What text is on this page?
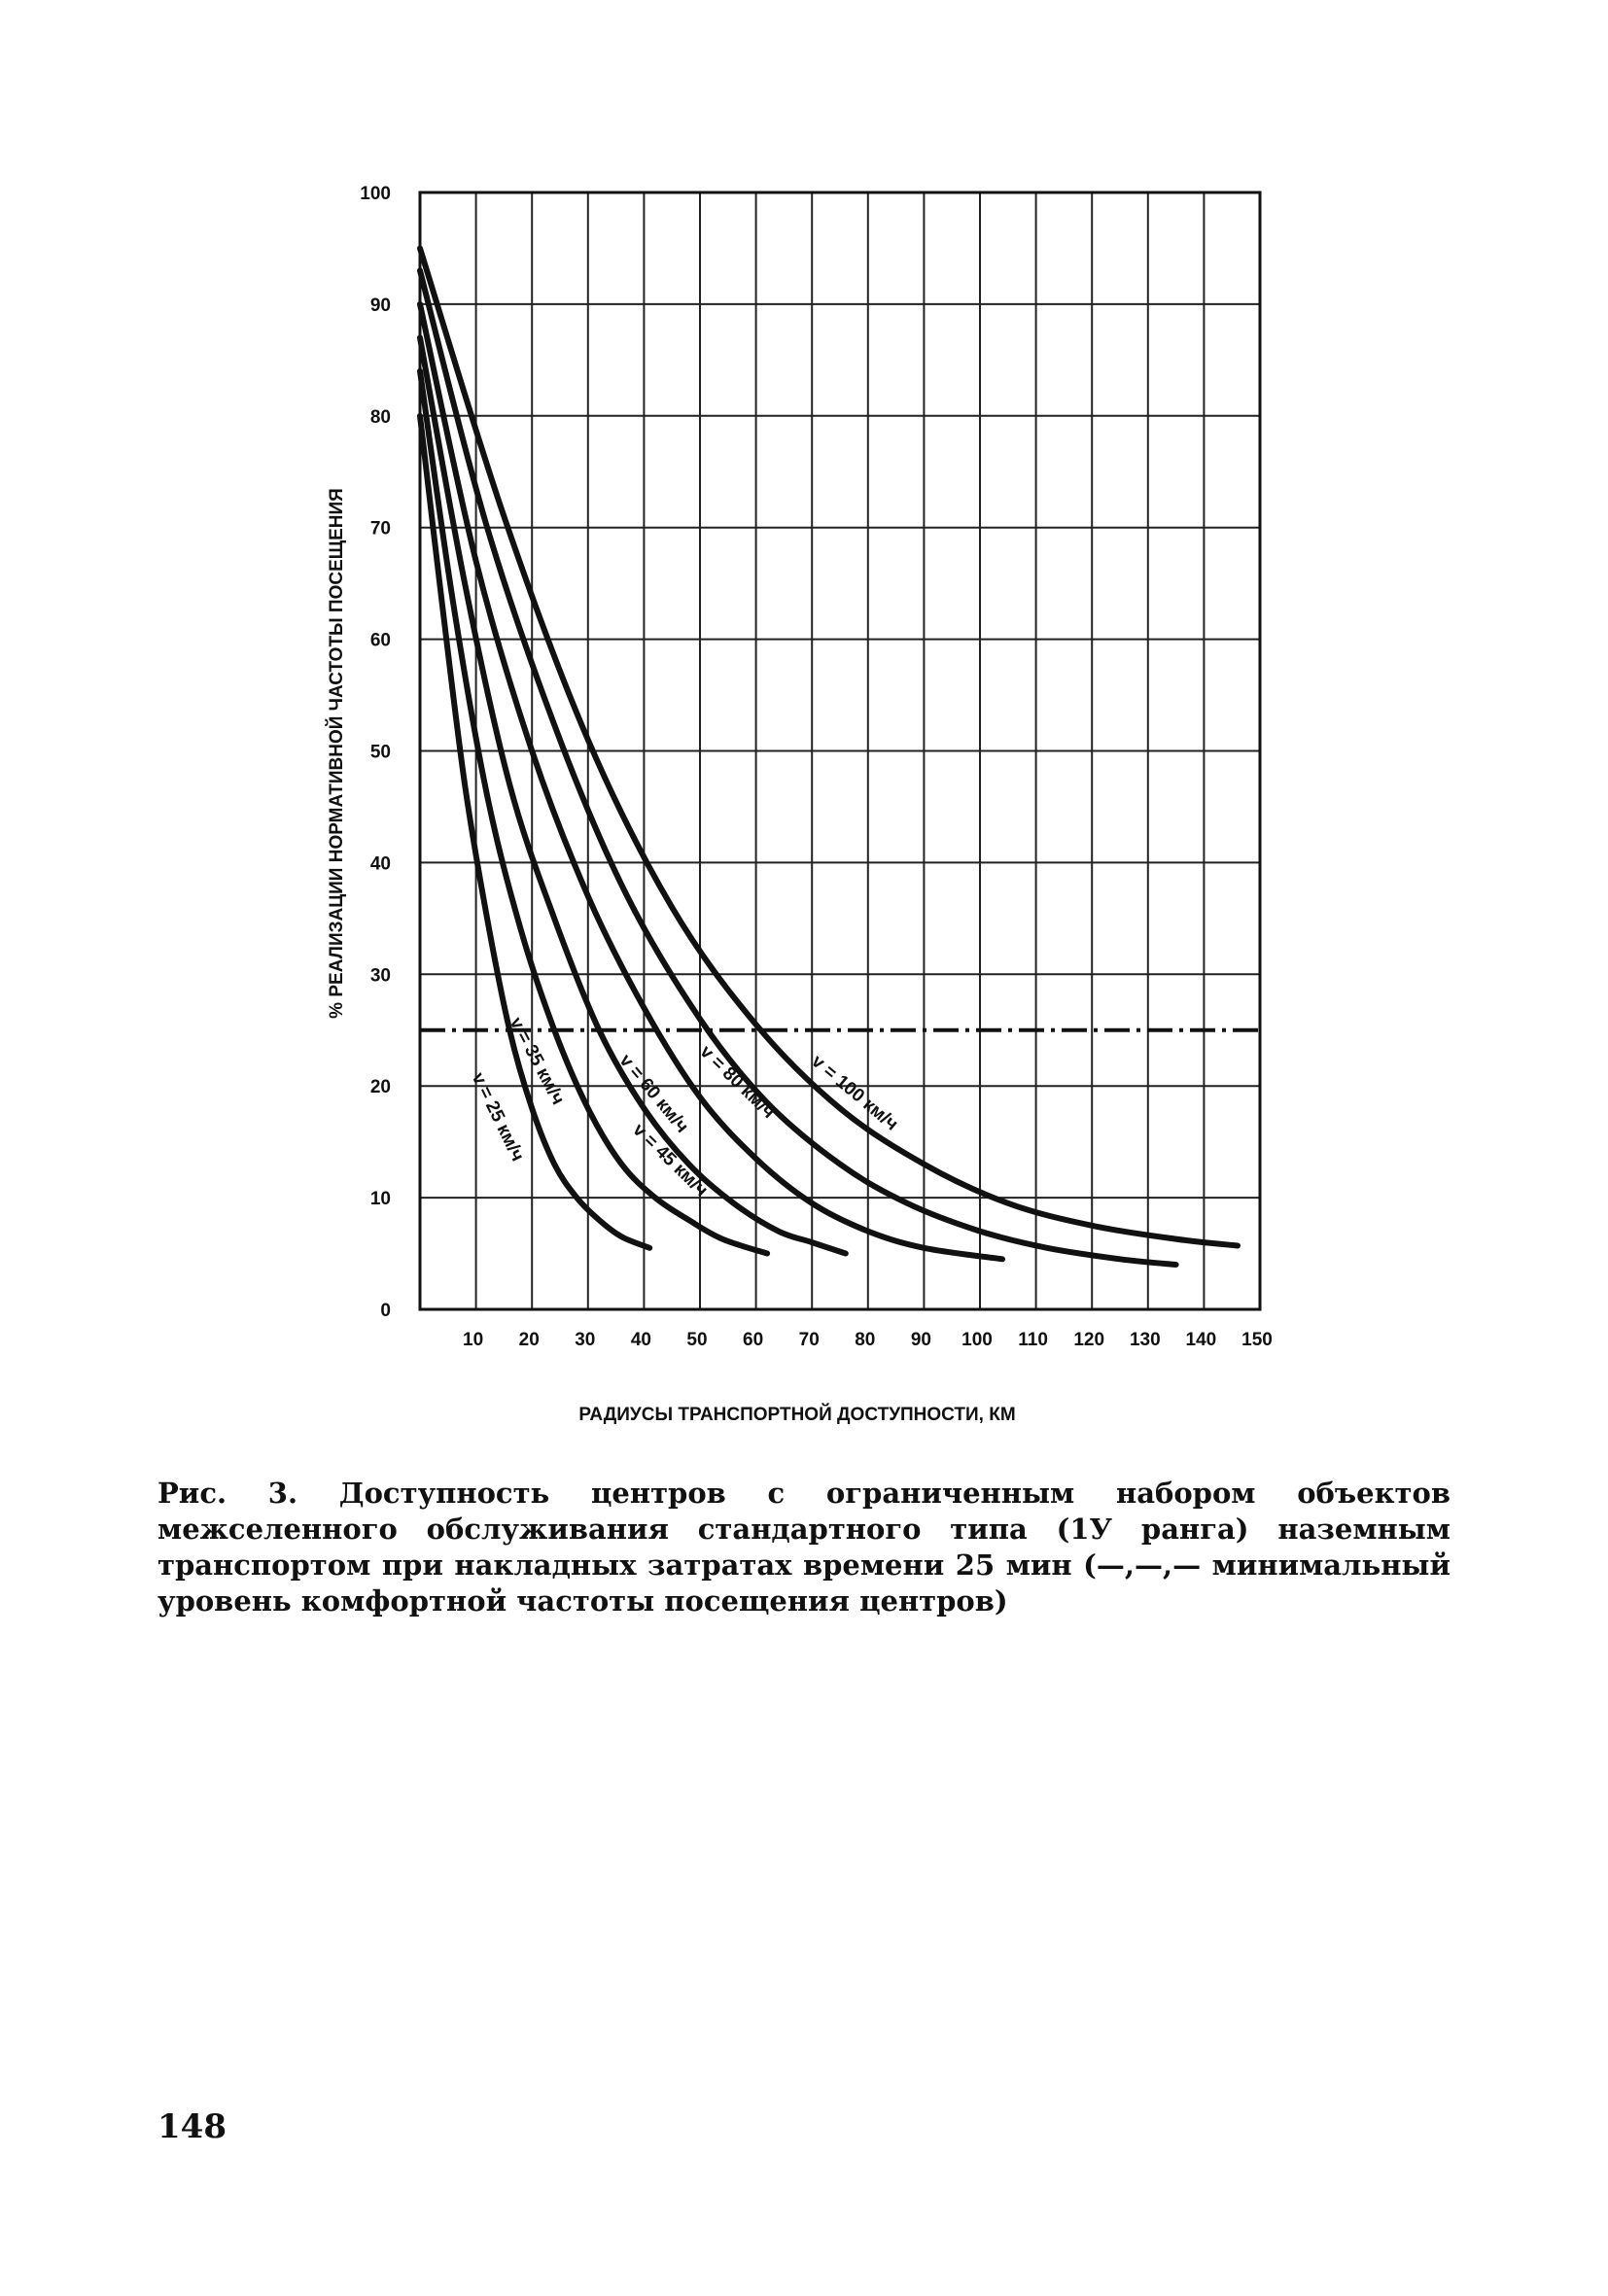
0
10
20
30
40
50
60
70
80
90
100
10 20 30 40 50 60 70 80 90 100 110 120 130 140 150
v = 25 км/ч
v = 35 км/ч
v = 45 км/ч
v = 60 км/ч v = 80 км/ч v = 100 км/ч
% РЕАЛИЗАЦИИ НОРМАТИВНОЙ ЧАСТОТЫ ПОСЕЩЕНИЯ
РАДИУСЫ ТРАНСПОРТНОЙ ДОСТУПНОСТИ, КМ
Рис. 3. Доступность центров с ограниченным набором объектов межселенного обслуживания стандартного типа (1У ранга) наземным транспортом при накладных затратах времени 25 мин (—,—,— минимальный уровень комфортной частоты посещения центров)
148
